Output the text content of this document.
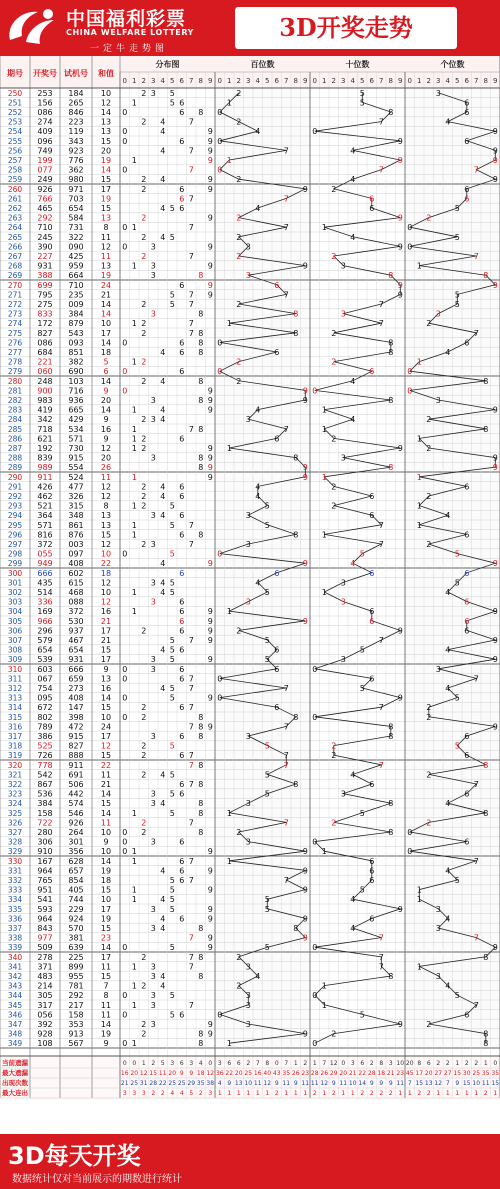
中国福利彩票
CHINA WELFARE LOTTERY
一定牛走势图
3D开奖走势
期号 开奖号 试机号 和值
分布图
0 1 2 3 4 5 6 7 8 9
百位数
0 1 2 3 4 5 6 7 8 9
十位数
0 1 2 3 4 5 6 7 8 9
个位数
0 1 2 3 4 5 6 7 8 9
250 253 184 10	2 3 5	2	5	3
251 156 265 12	1	5 6	1	5	6
252 086 846 14 0	6 8 0	8	6
253 274 223 13	2 4	7	2	7	4
254 409 119 13 0	4	9	4	0	9
255 096 343 15 0	6	9 0	9	6
256 749 923 20	4	7 9	7	4	9
257 199 776 19	1	9 1	9	9
258 077 362 14 0	7	0	7	7
259 249 980 15	2 4	9	2	4	9
260 926 971 17	2	6	9	9	2	6
261 766 703 19	6 7	7	6	6
262 465 654 15	4 5 6	4	6	5
263 292 584 13	2	9	2	9	2
264 710 731 8 0 1	7	7	1	0
265 245 322 11	2 4 5	2	4	5
266 390 090 12 0	3	9	3	9 0
267 227 425 11	2	7	2	2	7
268 931 959 13	1 3	9	9	3	1
269 388 664 19	3	8	3	8	8
270 699 710 24	6	9	6	9	9
271 795 235 21	5 7 9	7	9	5
272 275 009 14	2	5 7	2	7	5
273 833 384 14	3	8	8	3	3
274 172 879 10	1 2	7	1	7	2
275 827 543 17	2	7 8	8	2	7
276 086 093 14 0	6 8 0	8	6
277 684 851 18	4 6 8	6	8	4
278 221 382 5	1 2	2	2	1
279 060 690 6 0	6	0	6	0
280 248 103 14	2 4	8	2	4	8
281 900 716 9 0	9	9 0	0
282 983 936 20	3	8 9	9	8	3
283 419 665 14	1	4	9	4	1	9
284 342 429 9	2 3 4	3	4	2
285 718 534 16	1	7 8	7	1	8
286 621 571 9	1 2	6	6	2	1
287 192 730 12	1 2	9 1	9	2
288 839 915 20	3	8 9	8	3	9
289 989 554 26	8 9	9	8	9
290 911 524 11	1	9	9 1	1
291 426 477 12	2 4 6	4	2	6
292 462 326 12	2 4 6	4	6	2
293 521 315 8	1 2	5	5	2	1
294 364 348 13	3 4 6	3	6	4
295 571 861 13	1	5 7	5	7	1
296 816 876 15	1	6 8	8	1	6
297 372 003 12	2 3	7	3	7	2
298 055 097 10 0	5	0	5	5
299 949 408 22	4	9	9	4	9
300 666 602 18	6	6	6	6
301 435 615 12	3 4 5	4	3	5
302 514 468 10	1	4 5	5	1	4
303 336 088 12	3	6	3	3	6
304 169 372 16	1	6	9 1	6	9
305 966 530 21	6	9	9	6	6
306 296 937 17	2	6	9	2	9	6
307 579 467 21	5 7 9	5	7	9
308 654 654 15	4 5 6	6	5	4
309 539 931 17	3 5	9	5	3	9
310 603 666 9 0	3	6	6	0	3
311 067 659 13 0	6 7	0	6	7
312 754 273 16	4 5 7	7	5	4
313 095 408 14 0	5	9 0	9	5
314 672 147 15	2	6 7	6	7	2
315 802 398 10 0 2	8	8 0	2
316 789 472 24	7 8 9	7	8	9
317 386 915 17	3	6 8	3	8	6
318 525 827 12	2	5	5	2	5
319 726 888 15	2	6 7	7	2	6
320 778 911 22	7 8	7	7	8
321 542 691 11	2 4 5	5	4	2
322 867 506 21	6 7 8	8	6	7
323 536 442 14	3 5 6	5	3	6
324 384 574 15	3 4	8	3	8	4
325 158 546 14	1	5	8	1	5	8
326 722 926 11	2	7	7	2	2
327 280 264 10 0 2	8	2	8 0
328 306 301 9 0	3	6	3	0	6
329 910 356 10 0 1	9	9 1	0
330 167 628 14	1	6 7	1	6	7
331 964 657 19	4 6	9	9	6	4
332 765 854 18	5 6 7	7	6	5
333 951 405 15	1	5	9	9	5	1
334 541 744 10	1	4 5	5	4	1
335 593 229 17	3 5	9	5	9	3
336 964 924 19	4 6	9	9	6	4
337 843 570 15	3 4	8	8	4	3
338 977 381 23	7 9	9	7	7
339 509 639 14 0	5	9	5	0	9
340 278 225 17	2	7 8	2	7	8
341 371 899 11	1 3	7	3	7	1
342 483 955 15	3 4	8	4	8	3
343 214 781 7	1 2 4	2	1	4
344 305 292 8 0	3 5	3	0	5
345 317 217 11	1 3	7	3	1	7
346 056 158 11 0	5 6	0	5	6
347 392 353 14	2 3	9	3	9	2
348 928 913 19	2	8 9	9	2	8
349 108 567 9 0 1	8	1	0	8
当前遗漏	0 0 1 2 5 3 6 3 4 0 3 6 6 2 7 8 0 7 1 2 1 7 12 0 3 6 2 8 3 10 20 8 6 2 2 1 2 2 1 0
最大遗漏	16 20 12 15 11 20 9 9 18 12 36 22 20 25 16 40 43 35 26 23 28 26 29 20 21 22 28 18 21 23 45 17 20 27 27 15 30 25 35 35
出现次数	21 25 31 28 22 25 25 29 35 38 4 9 13 10 11 12 9 11 9 11 11 12 9 11 10 14 9 9 9 11 7 15 13 12 7 9 15 10 11 15
最大连出	3 3 3 2 2 4 4 5 2 3 1 1 1 1 1 1 2 1 1 1 2 1 2 1 1 2 2 2 2 1 1 2 2 1 1 1 1 1 2 1
3D每天开奖
数据统计仅对当前展示的期数进行统计
